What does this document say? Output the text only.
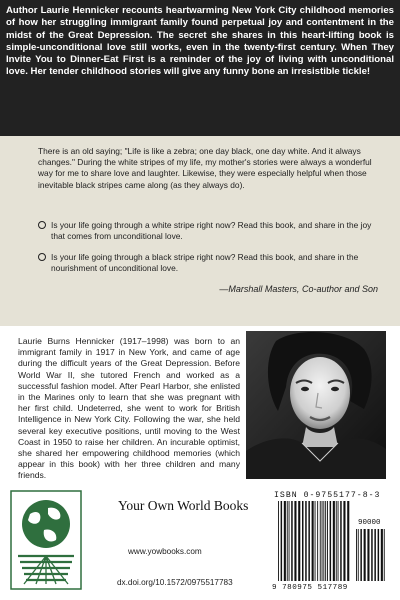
Author Laurie Hennicker recounts heartwarming New York City childhood memories of how her struggling immigrant family found perpetual joy and contentment in the midst of the Great Depression. The secret she shares in this heart-lifting book is simple-unconditional love still works, even in the twenty-first century. When They Invite You to Dinner-Eat First is a reminder of the joy of living with unconditional love. Her tender childhood stories will give any funny bone an irresistible tickle!

There is an old saying; "Life is like a zebra; one day black, one day white. And it always changes." During the white stripes of my life, my mother's stories were always a wonderful way for me to share love and laughter. Likewise, they were especially helpful when those inevitable black stripes came along (as they always do).

Is your life going through a white stripe right now? Read this book, and share in the joy that comes from unconditional love.
Is your life going through a black stripe right now? Read this book, and share in the nourishment of unconditional love.
—Marshall Masters, Co-author and Son

Laurie Burns Hennicker (1917–1998) was born to an immigrant family in 1917 in New York, and came of age during the difficult years of the Great Depression. Before World War II, she tutored French and worked as a successful fashion model. After Pearl Harbor, she enlisted in the Marines only to learn that she was pregnant with her first child. Undeterred, she went to work for British Intelligence in New York City. Following the war, she held several key executive positions, until moving to the West Coast in 1950 to raise her children. An incurable optimist, she shared her empowering childhood memories (which appear in this book) with her three children and many friends.

Your Own World Books
www.yowbooks.com
dx.doi.org/10.1572/0975517783
ISBN 0-9755177-8-3
90000
9 780975 517789
